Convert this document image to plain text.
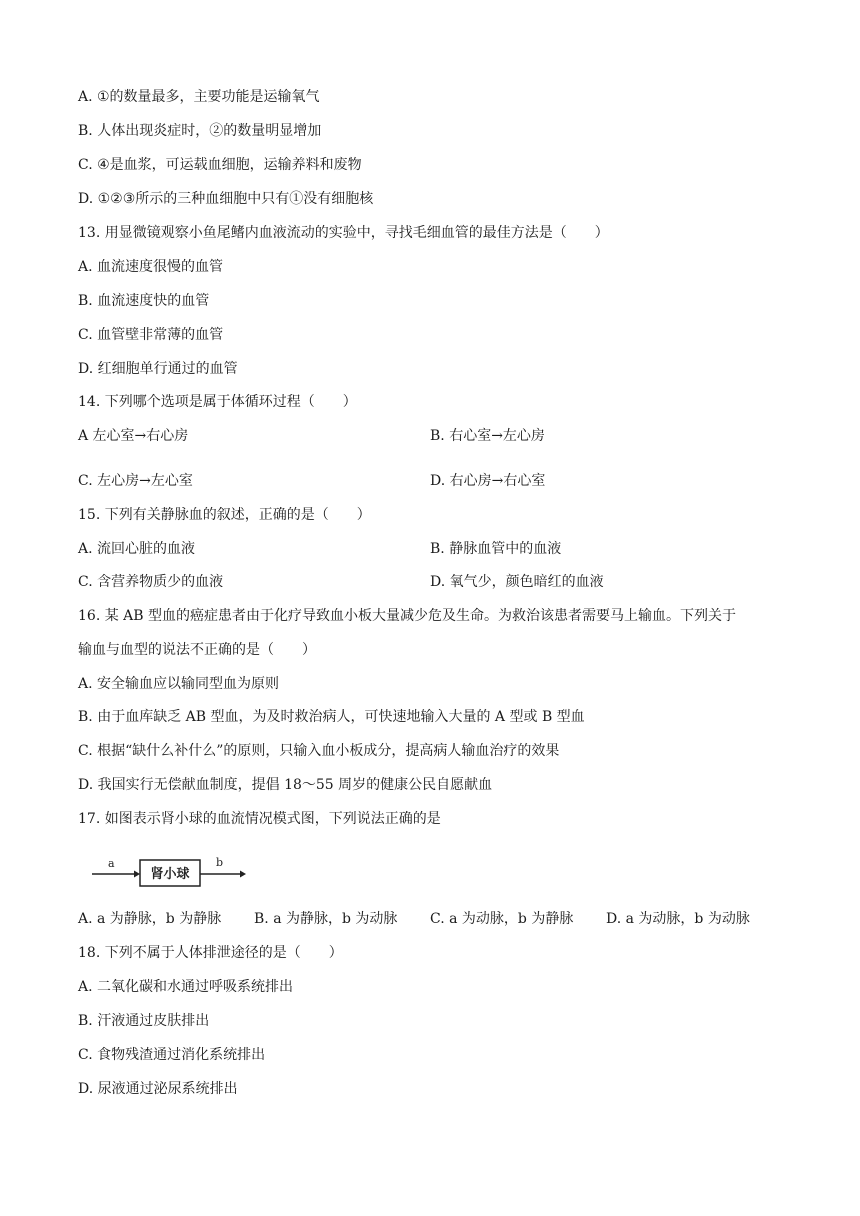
A. ①的数量最多，主要功能是运输氧气
B. 人体出现炎症时，②的数量明显增加
C. ④是血浆，可运载血细胞，运输养料和废物
D. ①②③所示的三种血细胞中只有①没有细胞核
13. 用显微镜观察小鱼尾鳍内血液流动的实验中，寻找毛细血管的最佳方法是（　　）
A. 血流速度很慢的血管
B. 血流速度快的血管
C. 血管壁非常薄的血管
D. 红细胞单行通过的血管
14. 下列哪个选项是属于体循环过程（　　）
A 左心室→右心房	B. 右心室→左心房
C. 左心房→左心室	D. 右心房→右心室
15. 下列有关静脉血的叙述，正确的是（　　）
A. 流回心脏的血液	B. 静脉血管中的血液
C. 含营养物质少的血液	D. 氧气少，颜色暗红的血液
16. 某 AB 型血的癌症患者由于化疗导致血小板大量减少危及生命。为救治该患者需要马上输血。下列关于
输血与血型的说法不正确的是（　　）
A. 安全输血应以输同型血为原则
B. 由于血库缺乏 AB 型血，为及时救治病人，可快速地输入大量的 A 型或 B 型血
C. 根据“缺什么补什么”的原则，只输入血小板成分，提高病人输血治疗的效果
D. 我国实行无偿献血制度，提倡 18～55 周岁的健康公民自愿献血
17. 如图表示肾小球的血流情况模式图，下列说法正确的是
a
肾小球
b
A. a 为静脉，b 为静脉 B. a 为静脉，b 为动脉 C. a 为动脉，b 为静脉 D. a 为动脉，b 为动脉
18. 下列不属于人体排泄途径的是（　　）
A. 二氧化碳和水通过呼吸系统排出
B. 汗液通过皮肤排出
C. 食物残渣通过消化系统排出
D. 尿液通过泌尿系统排出
